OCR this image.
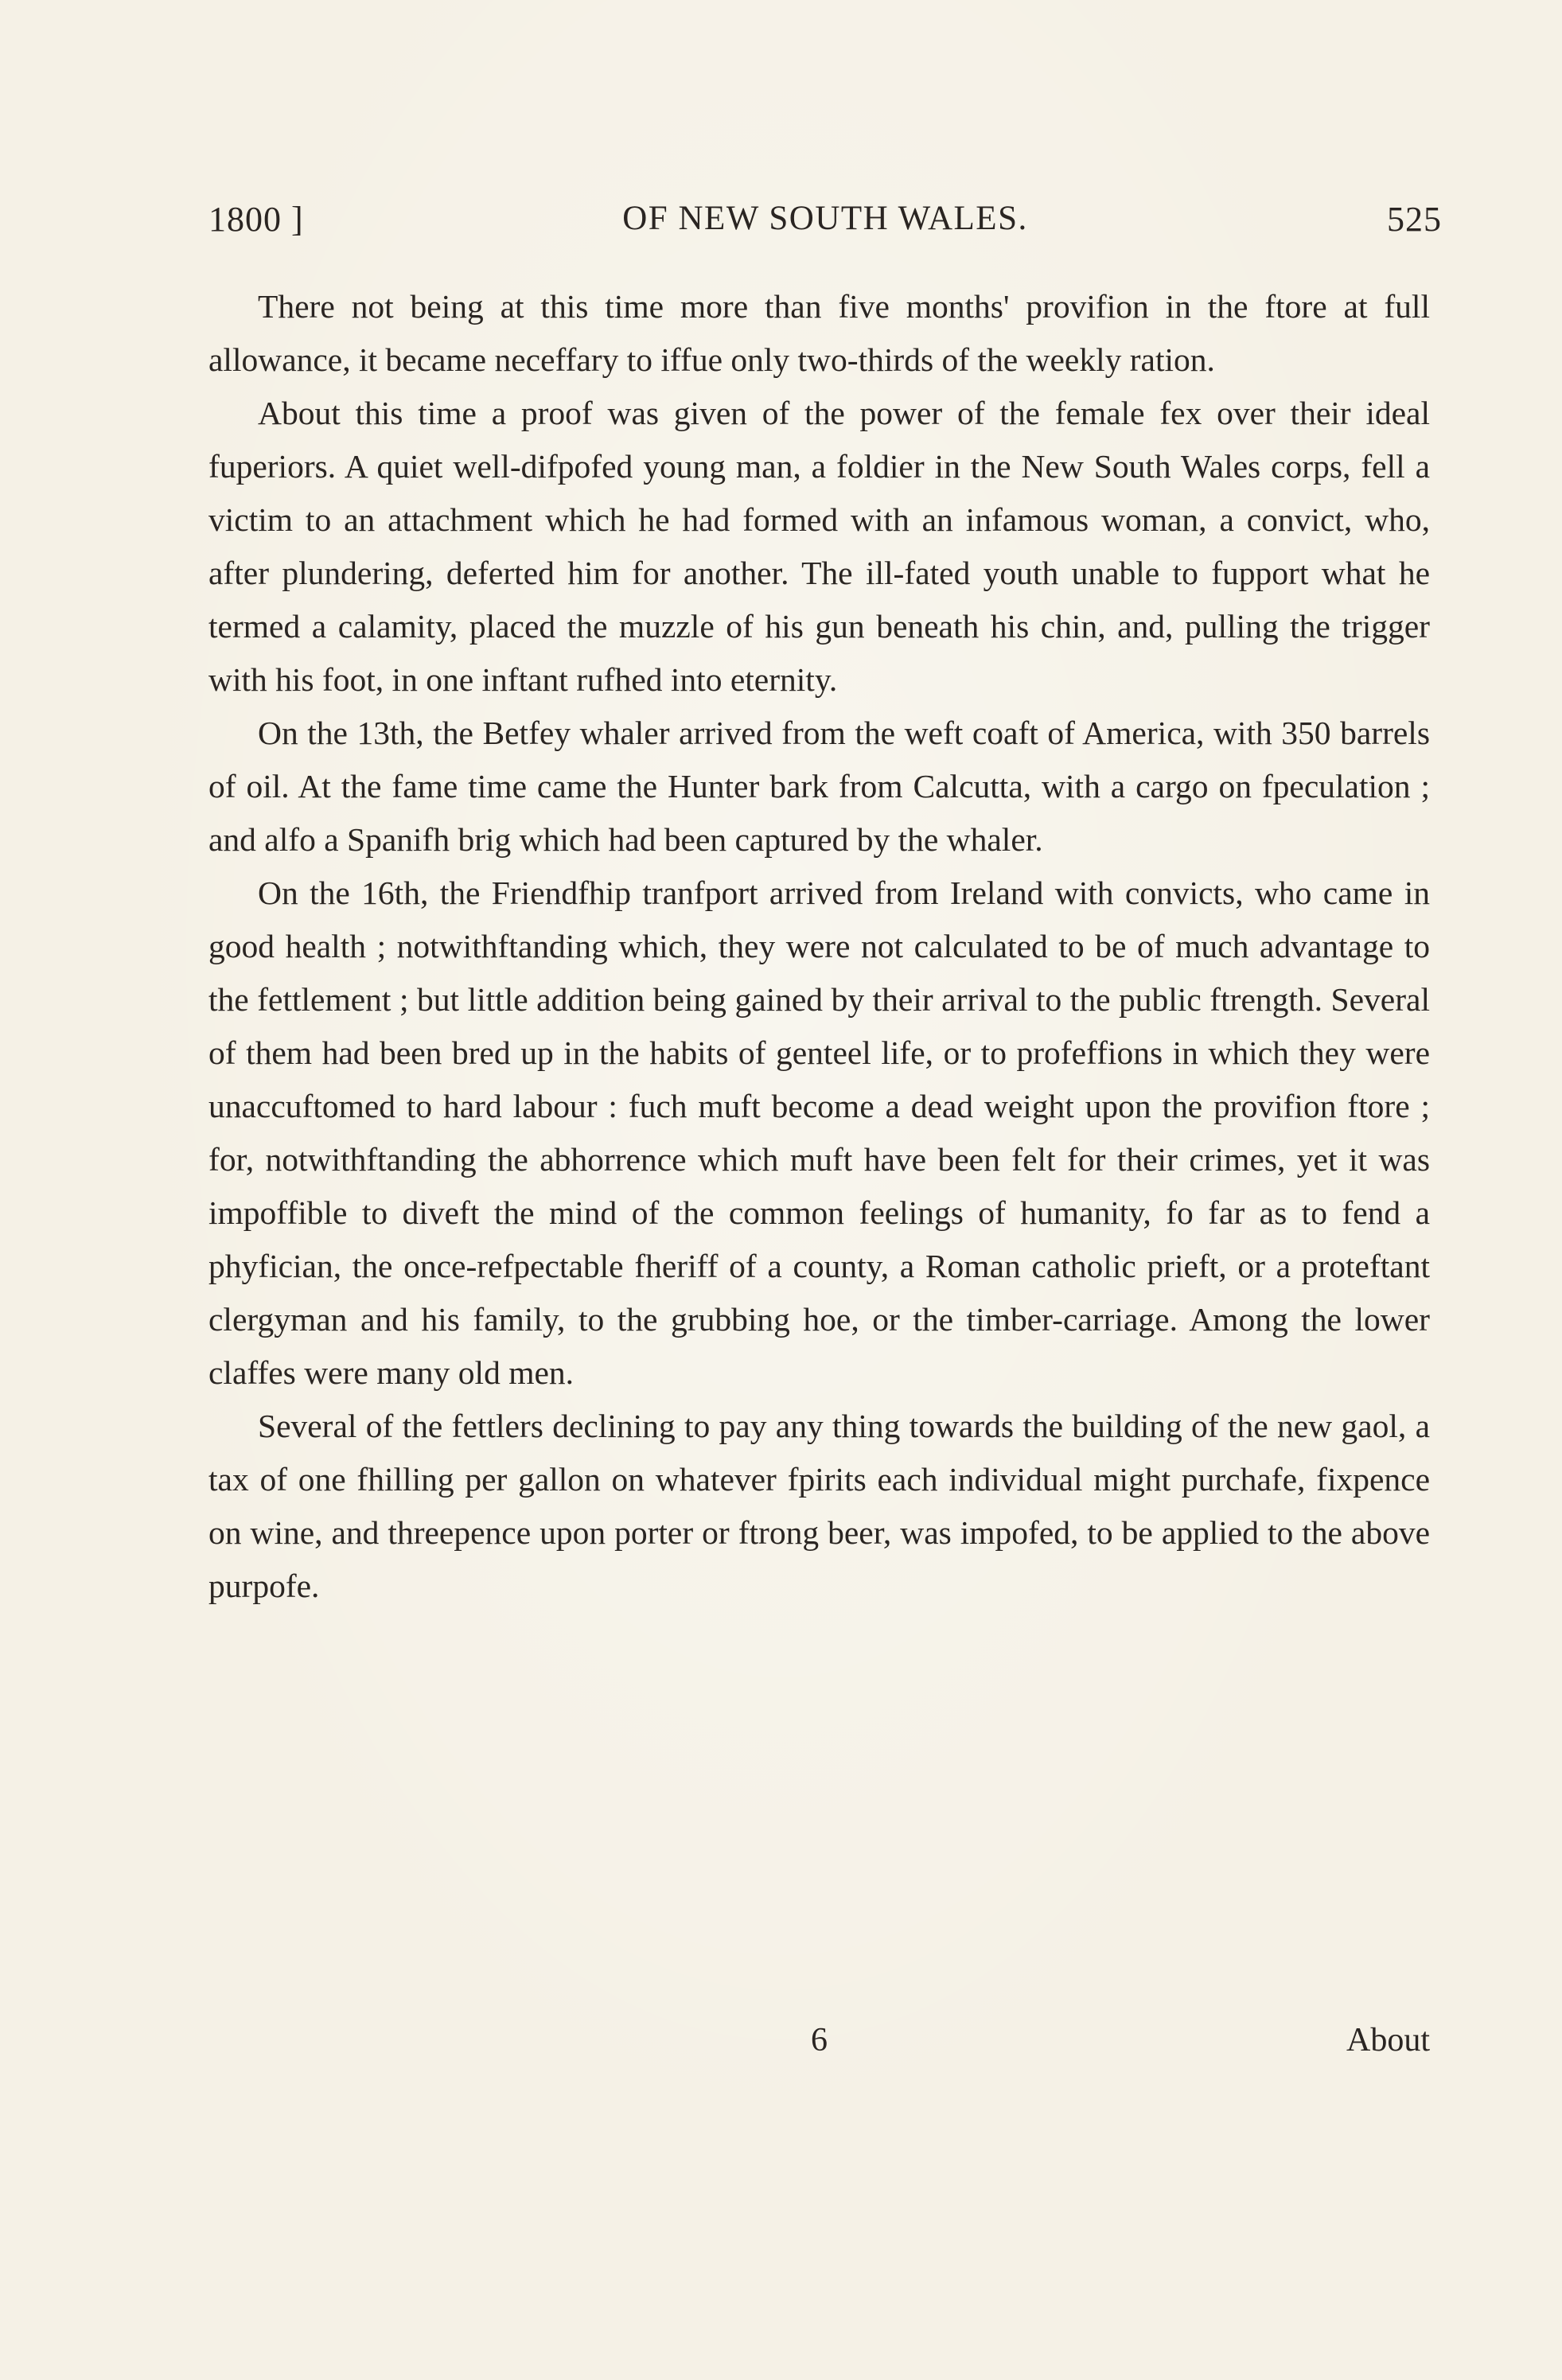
1800 ]	OF NEW SOUTH WALES.	525

There not being at this time more than five months' provifion in the ftore at full allowance, it became neceffary to iffue only two-thirds of the weekly ration.

About this time a proof was given of the power of the female fex over their ideal fuperiors. A quiet well-difpofed young man, a foldier in the New South Wales corps, fell a victim to an attachment which he had formed with an infamous woman, a convict, who, after plundering, deferted him for another. The ill-fated youth unable to fupport what he termed a calamity, placed the muzzle of his gun beneath his chin, and, pulling the trigger with his foot, in one inftant rufhed into eternity.

On the 13th, the Betfey whaler arrived from the weft coaft of America, with 350 barrels of oil. At the fame time came the Hunter bark from Calcutta, with a cargo on fpeculation ; and alfo a Spanifh brig which had been captured by the whaler.

On the 16th, the Friendfhip tranfport arrived from Ireland with convicts, who came in good health ; notwithftanding which, they were not calculated to be of much advantage to the fettlement ; but little addition being gained by their arrival to the public ftrength. Several of them had been bred up in the habits of genteel life, or to profeffions in which they were unaccuftomed to hard labour : fuch muft become a dead weight upon the provifion ftore ; for, notwithftanding the abhorrence which muft have been felt for their crimes, yet it was impoffible to diveft the mind of the common feelings of humanity, fo far as to fend a phyfician, the once-refpectable fheriff of a county, a Roman catholic prieft, or a proteftant clergyman and his family, to the grubbing hoe, or the timber-carriage. Among the lower claffes were many old men.

Several of the fettlers declining to pay any thing towards the building of the new gaol, a tax of one fhilling per gallon on whatever fpirits each individual might purchafe, fixpence on wine, and threepence upon porter or ftrong beer, was impofed, to be applied to the above purpofe.

6	About
